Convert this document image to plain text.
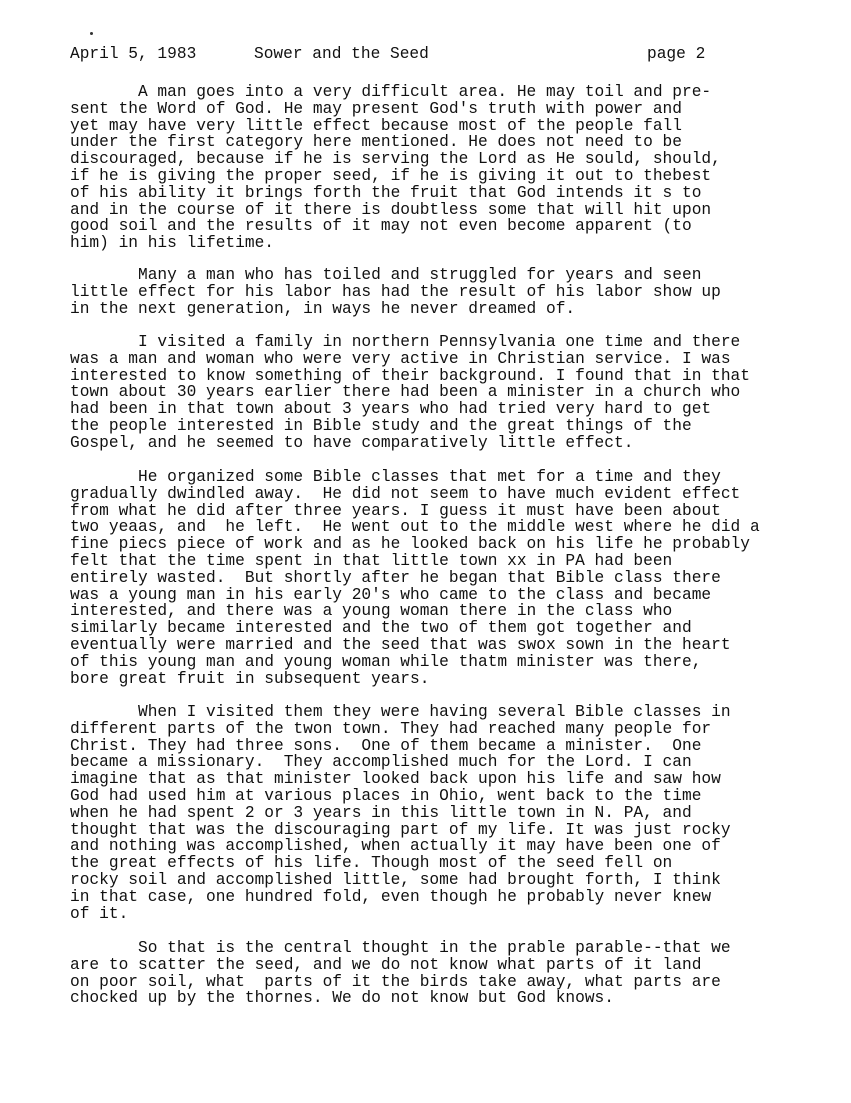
April 5, 1983

	Sower and the Seed

	page 2

A man goes into a very difficult area. He may toil and pre-
sent the Word of God. He may present God's truth with power and
yet may have very little effect because most of the people fall
under the first category here mentioned. He does not need to be
discouraged, because if he is serving the Lord as He sould, should,
if he is giving the proper seed, if he is giving it out to thebest
of his ability it brings forth the fruit that God intends it s to
and in the course of it there is doubtless some that will hit upon
good soil and the results of it may not even become apparent (to
him) in his lifetime.
Many a man who has toiled and struggled for years and seen
little effect for his labor has had the result of his labor show up
in the next generation, in ways he never dreamed of.
I visited a family in northern Pennsylvania one time and there
was a man and woman who were very active in Christian service. I was
interested to know something of their background. I found that in that
town about 30 years earlier there had been a minister in a church who
had been in that town about 3 years who had tried very hard to get
the people interested in Bible study and the great things of the
Gospel, and he seemed to have comparatively little effect.
He organized some Bible classes that met for a time and they
gradually dwindled away.  He did not seem to have much evident effect
from what he did after three years. I guess it must have been about
two yeaas, and  he left.  He went out to the middle west where he did a
fine piecs piece of work and as he looked back on his life he probably
felt that the time spent in that little town xx in PA had been
entirely wasted.  But shortly after he began that Bible class there
was a young man in his early 20's who came to the class and became
interested, and there was a young woman there in the class who
similarly became interested and the two of them got together and
eventually were married and the seed that was swox sown in the heart
of this young man and young woman while thatm minister was there,
bore great fruit in subsequent years.
When I visited them they were having several Bible classes in
different parts of the twon town. They had reached many people for
Christ. They had three sons.  One of them became a minister.  One
became a missionary.  They accomplished much for the Lord. I can
imagine that as that minister looked back upon his life and saw how
God had used him at various places in Ohio, went back to the time
when he had spent 2 or 3 years in this little town in N. PA, and
thought that was the discouraging part of my life. It was just rocky
and nothing was accomplished, when actually it may have been one of
the great effects of his life. Though most of the seed fell on
rocky soil and accomplished little, some had brought forth, I think
in that case, one hundred fold, even though he probably never knew
of it.
So that is the central thought in the prable parable--that we
are to scatter the seed, and we do not know what parts of it land
on poor soil, what  parts of it the birds take away, what parts are
chocked up by the thornes. We do not know but God knows.
